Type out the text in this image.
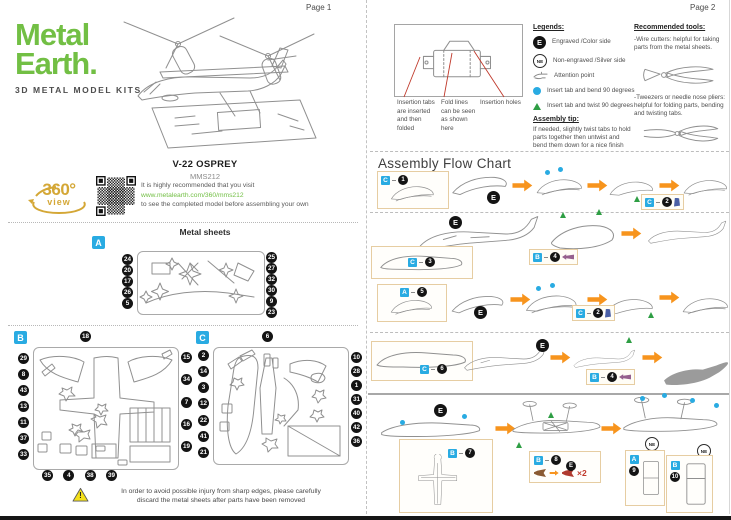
Page 1
Metal
Earth.
3D METAL MODEL KITS
V-22 OSPREY
MMS212
360°
view
It is highly recommended that you visit
www.metalearth.com/360/mms212
to see the completed model before assembling your own
Metal sheets
A
24
20
17
26
5
25
27
32
30
9
23
B	18
29
8
43
13
11
37
33
15
34
7
16
19
35	4	38	39
C	6
2
14
3
12
22
41
21
10
28
1
31
40
42
36
!	In order to avoid possible injury from sharp edges, please carefully
discard the metal sheets after parts have been removed
Page 2
Insertion tabs are inserted and then folded
Fold lines can be seen as shown here
Insertion holes
Legends:
E	Engraved /Color side
NE	Non-engraved /Silver side
Attention point
Insert tab and bend 90 degrees
Insert tab and twist 90 degrees
Assembly tip:
If needed, slightly twist tabs to hold parts together then untwist and bend them down for a nice finish
Recommended tools:
-Wire cutters: helpful for taking parts from the metal sheets.
-Tweezers or needle nose pliers: helpful for folding parts, bending and twisting tabs.
Assembly Flow Chart
C	1
E	C	2
E
C	3
B	4
A	5
E	C	2
C	6
E
B	4
E
B	7
B	8
E
×2
NE
NE
A
9
B
10
